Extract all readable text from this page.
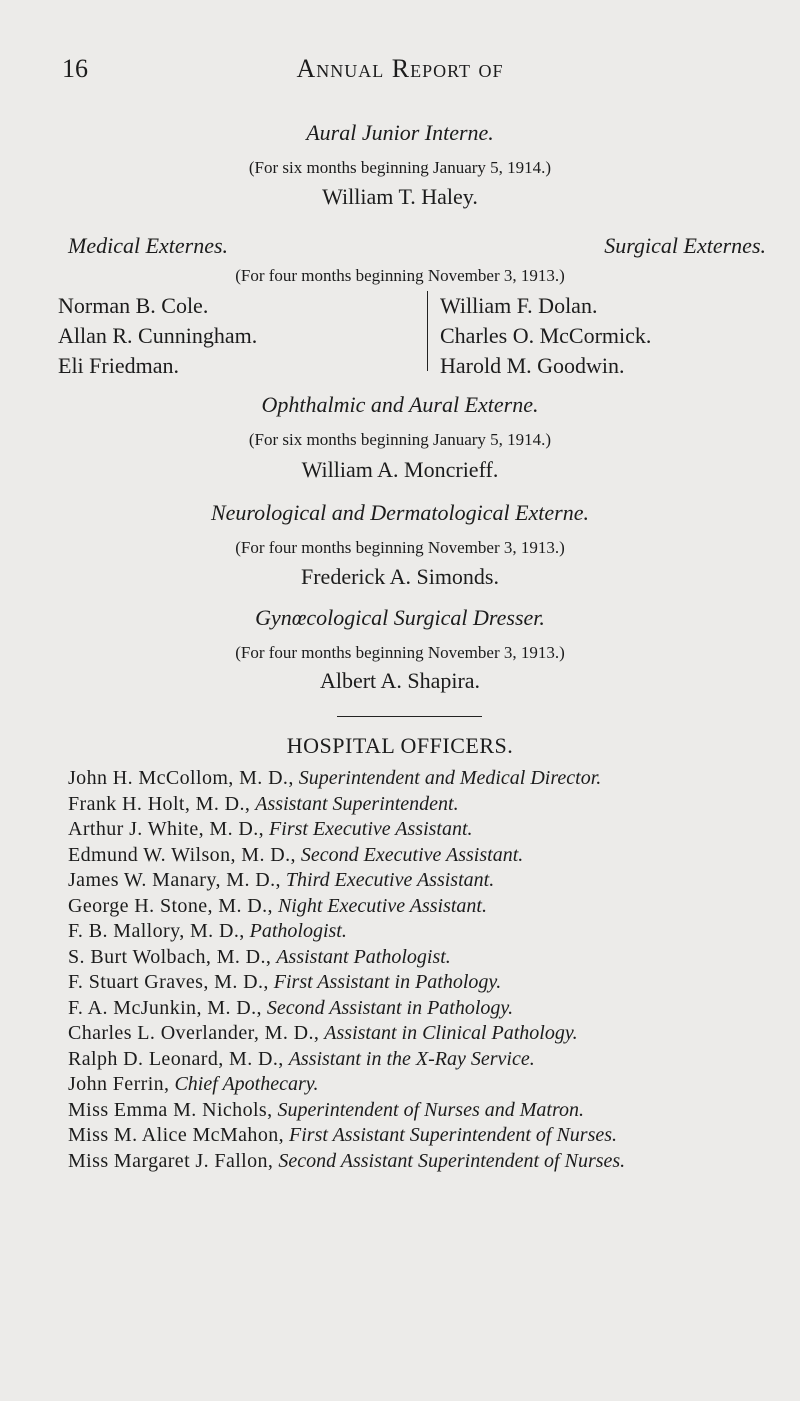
16	Annual Report of
Aural Junior Interne.
(For six months beginning January 5, 1914.)
William T. Haley.
Medical Externes.	Surgical Externes.
(For four months beginning November 3, 1913.)
Norman B. Cole.
Allan R. Cunningham.
Eli Friedman.
William F. Dolan.
Charles O. McCormick.
Harold M. Goodwin.
Ophthalmic and Aural Externe.
(For six months beginning January 5, 1914.)
William A. Moncrieff.
Neurological and Dermatological Externe.
(For four months beginning November 3, 1913.)
Frederick A. Simonds.
Gynœcological Surgical Dresser.
(For four months beginning November 3, 1913.)
Albert A. Shapira.
HOSPITAL OFFICERS.
John H. McCollom, M. D., Superintendent and Medical Director.
Frank H. Holt, M. D., Assistant Superintendent.
Arthur J. White, M. D., First Executive Assistant.
Edmund W. Wilson, M. D., Second Executive Assistant.
James W. Manary, M. D., Third Executive Assistant.
George H. Stone, M. D., Night Executive Assistant.
F. B. Mallory, M. D., Pathologist.
S. Burt Wolbach, M. D., Assistant Pathologist.
F. Stuart Graves, M. D., First Assistant in Pathology.
F. A. McJunkin, M. D., Second Assistant in Pathology.
Charles L. Overlander, M. D., Assistant in Clinical Pathology.
Ralph D. Leonard, M. D., Assistant in the X-Ray Service.
John Ferrin, Chief Apothecary.
Miss Emma M. Nichols, Superintendent of Nurses and Matron.
Miss M. Alice McMahon, First Assistant Superintendent of Nurses.
Miss Margaret J. Fallon, Second Assistant Superintendent of Nurses.
